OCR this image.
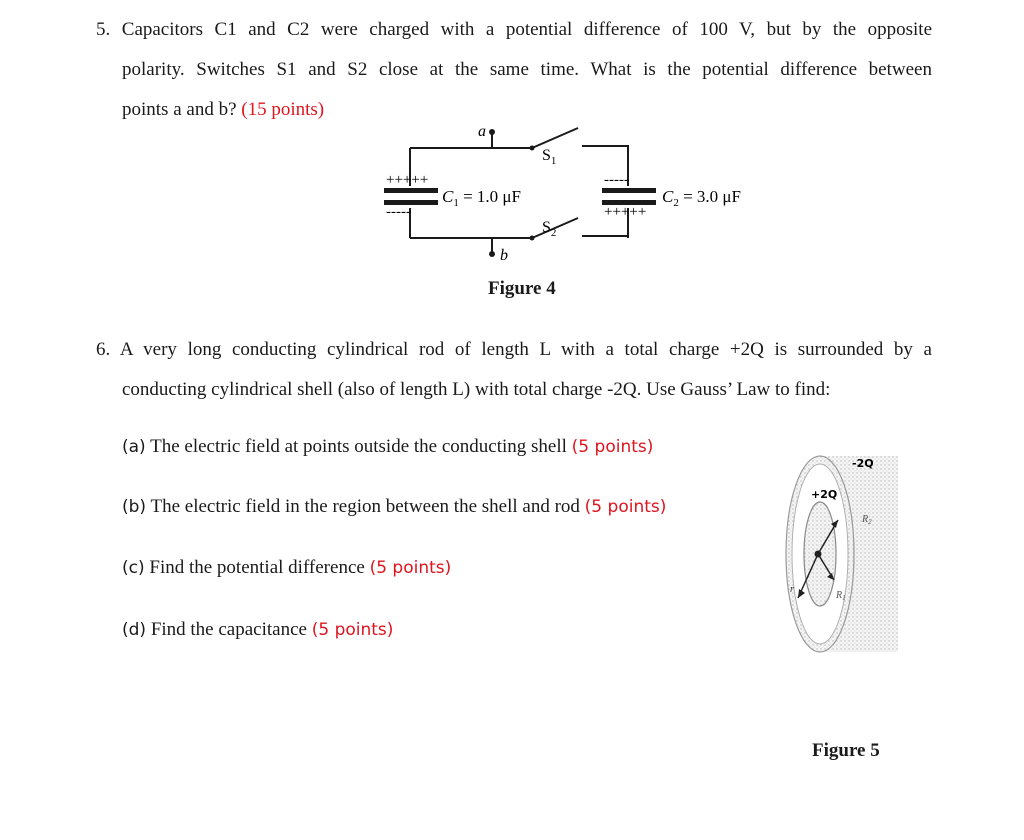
5. Capacitors C1 and C2 were charged with a potential difference of 100 V, but by the opposite
polarity. Switches S1 and S2 close at the same time. What is the potential difference between
points a and b? (15 points)
+++++
-----
-----
+++++
a
b
$S_1$
$S_2$
$C_1 = 1.0$ μF	$C_2 = 3.0$ μF
Figure 4
6. A very long conducting cylindrical rod of length L with a total charge +2Q is surrounded by a
conducting cylindrical shell (also of length L) with total charge -2Q. Use Gauss’ Law to find:
(a) The electric field at points outside the conducting shell (5 points)
(b) The electric field in the region between the shell and rod (5 points)
(c) Find the potential difference (5 points)
(d) Find the capacitance (5 points)
-2Q
+2Q
$R_2$
$R_1$
r
Figure 5
